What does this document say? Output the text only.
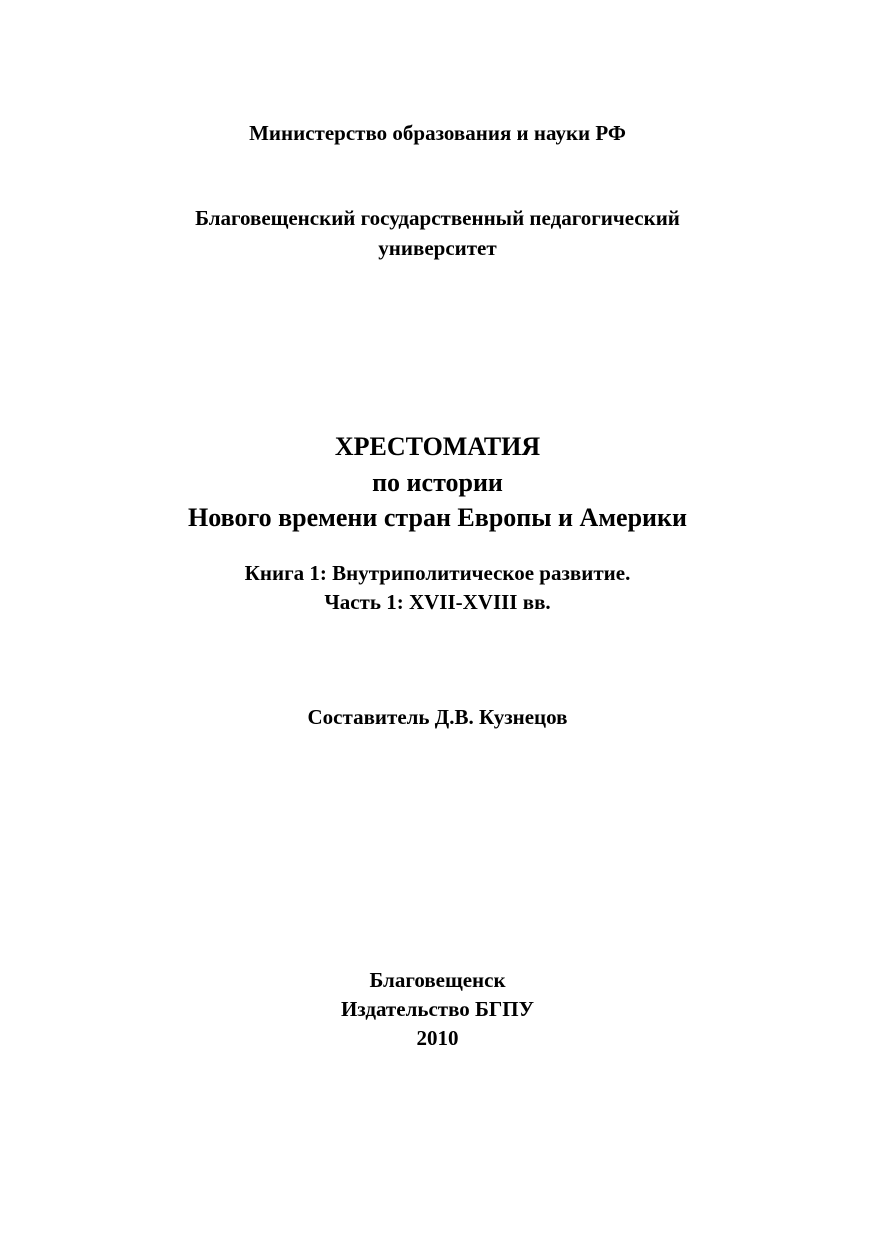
Министерство образования и науки РФ
Благовещенский государственный педагогический
университет
ХРЕСТОМАТИЯ
по истории
Нового времени стран Европы и Америки
Книга 1: Внутриполитическое развитие.
Часть 1: XVII-XVIII вв.
Составитель Д.В. Кузнецов
Благовещенск
Издательство БГПУ
2010
